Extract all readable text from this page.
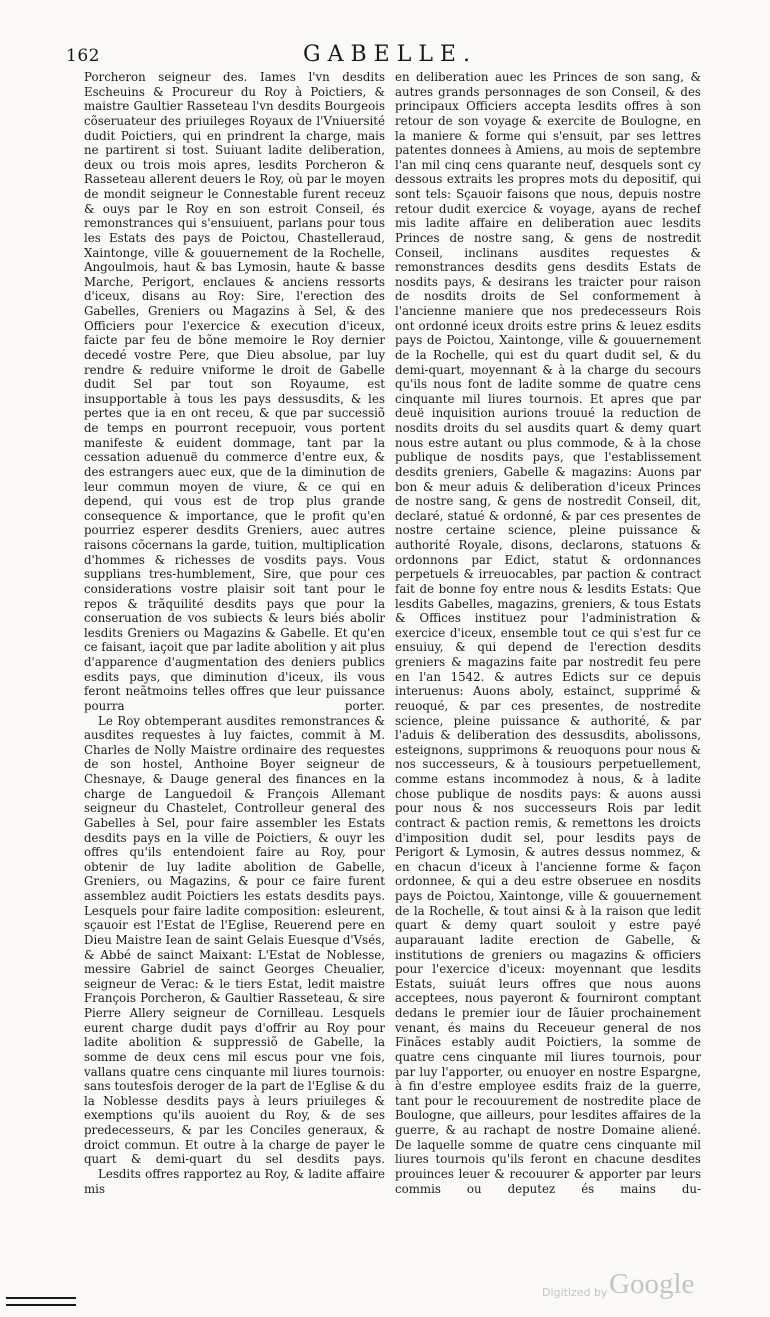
162	GABELLE.

Porcheron seigneur des. Iames l'vn desdits Escheuins & Procureur du Roy à Poictiers, & maistre Gaultier Rasseteau l'vn desdits Bourgeois cõseruateur des priuileges Royaux de l'Vniuersité dudit Poictiers, qui en prindrent la charge, mais ne partirent si tost. Suiuant ladite deliberation, deux ou trois mois apres, lesdits Porcheron & Rasseteau allerent deuers le Roy, où par le moyen de mondit seigneur le Connestable furent receuz & ouys par le Roy en son estroit Conseil, és remonstrances qui s'ensuiuent, parlans pour tous les Estats des pays de Poictou, Chastelleraud, Xaintonge, ville & gouuernement de la Rochelle, Angoulmois, haut & bas Lymosin, haute & basse Marche, Perigort, enclaues & anciens ressorts d'iceux, disans au Roy: Sire, l'erection des Gabelles, Greniers ou Magazins à Sel, & des Officiers pour l'exercice & execution d'iceux, faicte par feu de bõne memoire le Roy dernier decedé vostre Pere, que Dieu absolue, par luy rendre & reduire vniforme le droit de Gabelle dudit Sel par tout son Royaume, est insupportable à tous les pays dessusdits, & les pertes que ia en ont receu, & que par successiõ de temps en pourront recepuoir, vous portent manifeste & euident dommage, tant par la cessation aduenuë du commerce d'entre eux, & des estrangers auec eux, que de la diminution de leur commun moyen de viure, & ce qui en depend, qui vous est de trop plus grande consequence & importance, que le profit qu'en pourriez esperer desdits Greniers, auec autres raisons cõcernans la garde, tuition, multiplication d'hommes & richesses de vosdits pays. Vous supplians tres-humblement, Sire, que pour ces considerations vostre plaisir soit tant pour le repos & trãquilité desdits pays que pour la conseruation de vos subiects & leurs biés abolir lesdits Greniers ou Magazins & Gabelle. Et qu'en ce faisant, iaçoit que par ladite abolition y ait plus d'apparence d'augmentation des deniers publics esdits pays, que diminution d'iceux, ils vous feront neãtmoins telles offres que leur puissance pourra porter.

Le Roy obtemperant ausdites remonstrances & ausdites requestes à luy faictes, commit à M. Charles de Nolly Maistre ordinaire des requestes de son hostel, Anthoine Boyer seigneur de Chesnaye, & Dauge general des finances en la charge de Languedoil & François Allemant seigneur du Chastelet, Controlleur general des Gabelles à Sel, pour faire assembler les Estats desdits pays en la ville de Poictiers, & ouyr les offres qu'ils entendoient faire au Roy, pour obtenir de luy ladite abolition de Gabelle, Greniers, ou Magazins, & pour ce faire furent assemblez audit Poictiers les estats desdits pays. Lesquels pour faire ladite composition: esleurent, sçauoir est l'Estat de l'Eglise, Reuerend pere en Dieu Maistre Iean de saint Gelais Euesque d'Vsés, & Abbé de sainct Maixant: L'Estat de Noblesse, messire Gabriel de sainct Georges Cheualier, seigneur de Verac: & le tiers Estat, ledit maistre François Porcheron, & Gaultier Rasseteau, & sire Pierre Allery seigneur de Cornilleau. Lesquels eurent charge dudit pays d'offrir au Roy pour ladite abolition & suppressiõ de Gabelle, la somme de deux cens mil escus pour vne fois, vallans quatre cens cinquante mil liures tournois: sans toutesfois deroger de la part de l'Eglise & du la Noblesse desdits pays à leurs priuileges & exemptions qu'ils auoient du Roy, & de ses predecesseurs, & par les Conciles generaux, & droict commun. Et outre à la charge de payer le quart & demi-quart du sel desdits pays.

Lesdits offres rapportez au Roy, & ladite affaire mis

en deliberation auec les Princes de son sang, & autres grands personnages de son Conseil, & des principaux Officiers accepta lesdits offres à son retour de son voyage & exercite de Boulogne, en la maniere & forme qui s'ensuit, par ses lettres patentes donnees à Amiens, au mois de septembre l'an mil cinq cens quarante neuf, desquels sont cy dessous extraits les propres mots du depositif, qui sont tels: Sçauoir faisons que nous, depuis nostre retour dudit exercice & voyage, ayans de rechef mis ladite affaire en deliberation auec lesdits Princes de nostre sang, & gens de nostredit Conseil, inclinans ausdites requestes & remonstrances desdits gens desdits Estats de nosdits pays, & desirans les traicter pour raison de nosdits droits de Sel conformement à l'ancienne maniere que nos predecesseurs Rois ont ordonné iceux droits estre prins & leuez esdits pays de Poictou, Xaintonge, ville & gouuernement de la Rochelle, qui est du quart dudit sel, & du demi-quart, moyennant & à la charge du secours qu'ils nous font de ladite somme de quatre cens cinquante mil liures tournois. Et apres que par deuë inquisition aurions trouué la reduction de nosdits droits du sel ausdits quart & demy quart nous estre autant ou plus commode, & à la chose publique de nosdits pays, que l'establissement desdits greniers, Gabelle & magazins: Auons par bon & meur aduis & deliberation d'iceux Princes de nostre sang, & gens de nostredit Conseil, dit, declaré, statué & ordonné, & par ces presentes de nostre certaine science, pleine puissance & authorité Royale, disons, declarons, statuons & ordonnons par Edict, statut & ordonnances perpetuels & irreuocables, par paction & contract fait de bonne foy entre nous & lesdits Estats: Que lesdits Gabelles, magazins, greniers, & tous Estats & Offices instituez pour l'administration & exercice d'iceux, ensemble tout ce qui s'est fur ce ensuiuy, & qui depend de l'erection desdits greniers & magazins faite par nostredit feu pere en l'an 1542. & autres Edicts sur ce depuis interuenus: Auons aboly, estainct, supprimé & reuoqué, & par ces presentes, de nostredite science, pleine puissance & authorité, & par l'aduis & deliberation des dessusdits, abolissons, esteignons, supprimons & reuoquons pour nous & nos successeurs, & à tousiours perpetuellement, comme estans incommodez à nous, & à ladite chose publique de nosdits pays: & auons aussi pour nous & nos successeurs Rois par ledit contract & paction remis, & remettons les droicts d'imposition dudit sel, pour lesdits pays de Perigort & Lymosin, & autres dessus nommez, & en chacun d'iceux à l'ancienne forme & façon ordonnee, & qui a deu estre obseruee en nosdits pays de Poictou, Xaintonge, ville & gouuernement de la Rochelle, & tout ainsi & à la raison que ledit quart & demy quart souloit y estre payé auparauant ladite erection de Gabelle, & institutions de greniers ou magazins & officiers pour l'exercice d'iceux: moyennant que lesdits Estats, suiuát leurs offres que nous auons acceptees, nous payeront & fourniront comptant dedans le premier iour de Iãuier prochainement venant, és mains du Receueur general de nos Finãces estably audit Poictiers, la somme de quatre cens cinquante mil liures tournois, pour par luy l'apporter, ou enuoyer en nostre Espargne, à fin d'estre employee esdits fraiz de la guerre, tant pour le recouurement de nostredite place de Boulogne, que ailleurs, pour lesdites affaires de la guerre, & au rachapt de nostre Domaine aliené. De laquelle somme de quatre cens cinquante mil liures tournois qu'ils feront en chacune desdites prouinces leuer & recouurer & apporter par leurs commis ou deputez és mains du-

Digitized by Google
